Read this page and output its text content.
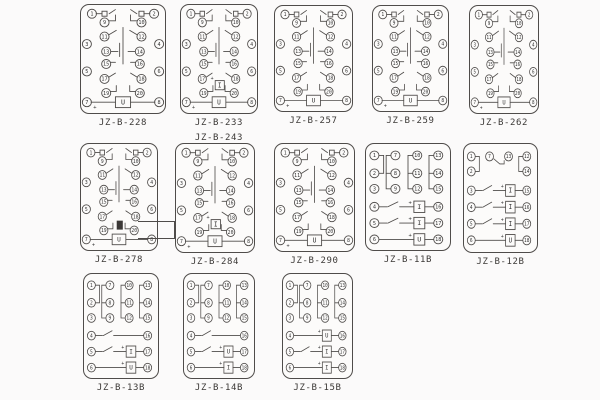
1	2
9	10
11	12
3
13	14
4
15	16
5
17	18
6
19	20
7	8
U
+
JZ-B-228
1	2
9	10
11	12
3
13	14
4
15	16
5
17	18
6
19	20
7	8
U
+
I
+
JZ-B-233
JZ-B-243
1	2
9	10
11	12
3
13	14
4
15	16
5
17	18
6
19	20
7	8
U
+
JZ-B-257
1	2
9	10
11	12
3
13	14
4
15	16
5
17	18
6
19	20
7	8
U
+
JZ-B-259
1	2
9	10
11	12
3
13	14
4
15	16
5
17	18
6
19	20
7	8
U
+
JZ-B-262
1	2
9	10
11	12
3
13	14
4
15	16
5
17	18
6
19	20
7	8
U
+
JZ-B-278
1	2
9	10
11	12
3
13	14
4
15	16
5
17	18
6
19	20
7	8
U
+
I
+
JZ-B-284
1	2
9	10
11	12
3
13	14
4
15	16
5
17	18
6
19	20
7	8
U
+
JZ-B-290
1	7	10 13
2	8	11 14
3	9	12 15
4	16
I
+
5	17
I
+
6	18
U
+
JZ-B-11B
1	7 13 12
2	14
3	15
I
+
4	16
I
+
5	17
I
+
6	18
U
+
JZ-B-12B
1	7 10 13
2	8 11 14
3	9 12 15
4	16
5	17
I
+
6	18
U
+
JZ-B-13B
1 7 10 13
2 8 11 14
3 9 12 15
4	16
5	17
U
+
6	18
I
+
JZ-B-14B
1 7 10 13
2 8 11 14
3 9 12 15
4	16
U
+
5	17
I
+
6	18
I
+
JZ-B-15B
